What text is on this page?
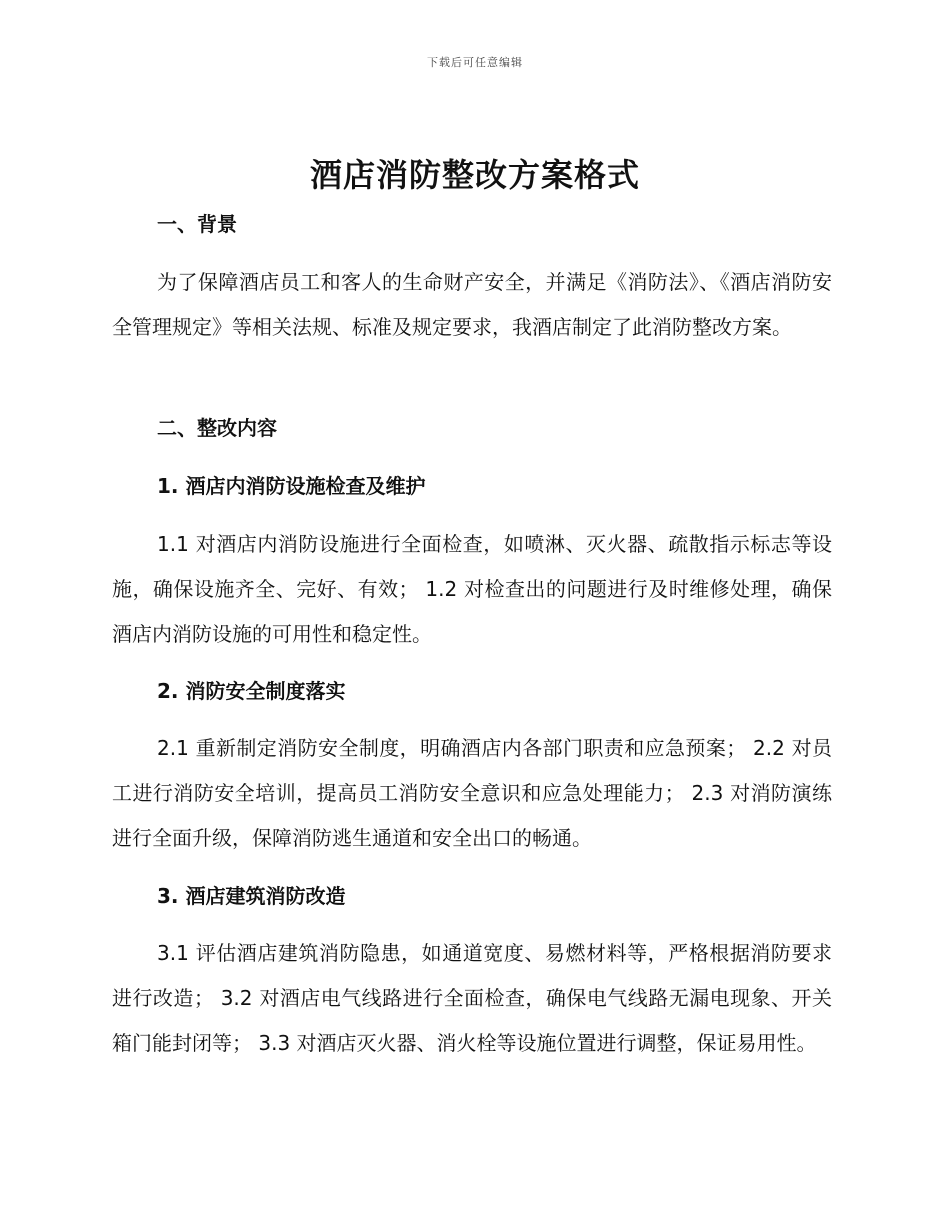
下载后可任意编辑
酒店消防整改方案格式

一、背景

为了保障酒店员工和客人的生命财产安全，并满足《消防法》、《酒店消防安全管理规定》等相关法规、标准及规定要求，我酒店制定了此消防整改方案。

二、整改内容

1. 酒店内消防设施检查及维护

1.1 对酒店内消防设施进行全面检查，如喷淋、灭火器、疏散指示标志等设施，确保设施齐全、完好、有效； 1.2 对检查出的问题进行及时维修处理，确保酒店内消防设施的可用性和稳定性。

2. 消防安全制度落实

2.1 重新制定消防安全制度，明确酒店内各部门职责和应急预案； 2.2 对员工进行消防安全培训，提高员工消防安全意识和应急处理能力； 2.3 对消防演练进行全面升级，保障消防逃生通道和安全出口的畅通。

3. 酒店建筑消防改造

3.1 评估酒店建筑消防隐患，如通道宽度、易燃材料等，严格根据消防要求进行改造； 3.2 对酒店电气线路进行全面检查，确保电气线路无漏电现象、开关箱门能封闭等； 3.3 对酒店灭火器、消火栓等设施位置进行调整，保证易用性。
